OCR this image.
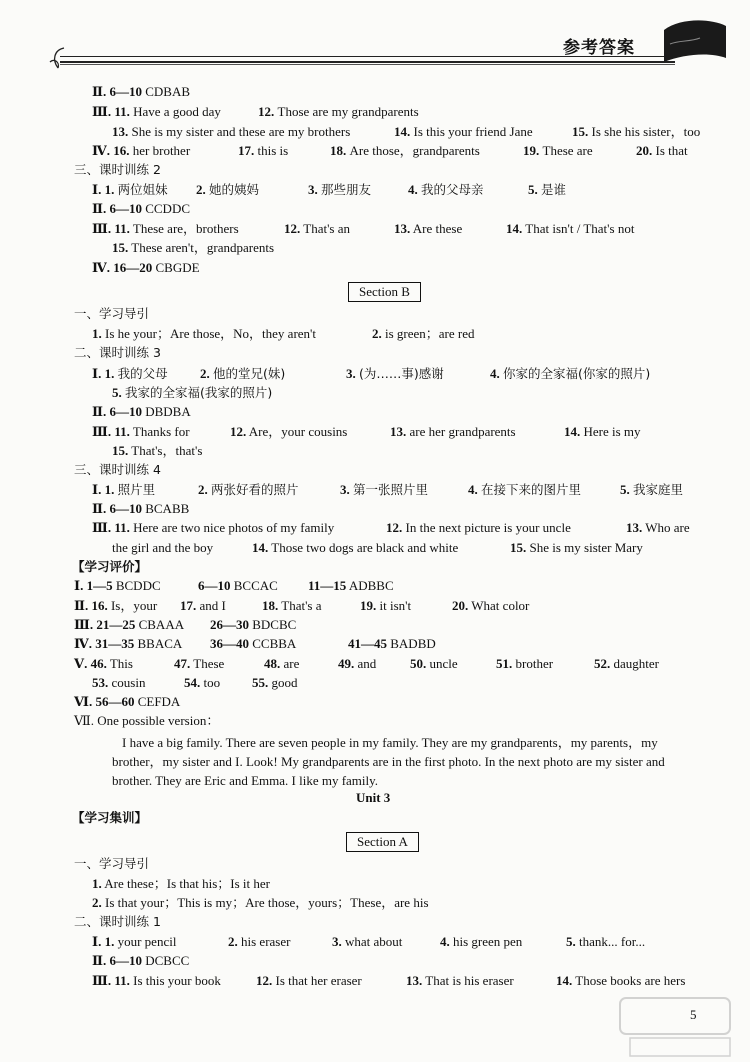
参考答案
Ⅱ. 6—10 CDBAB
Ⅲ. 11. Have a good day	12. Those are my grandparents
13. She is my sister and these are my brothers	14. Is this your friend Jane	15. Is she his sister，too
Ⅳ. 16. her brother	17. this is	18. Are those，grandparents	19. These are	20. Is that
三、课时训练 2
Ⅰ. 1. 两位姐妹 2. 她的姨妈	3. 那些朋友	4. 我的父母亲	5. 是谁
Ⅱ. 6—10 CCDDC
Ⅲ. 11. These are，brothers	12. That's an	13. Are these	14. That isn't / That's not
15. These aren't，grandparents
Ⅳ. 16—20 CBGDE
Section B
一、学习导引
1. Is he your；Are those，No，they aren't	2. is green；are red
二、课时训练 3
Ⅰ. 1. 我的父母 2. 他的堂兄(妹)	3. (为……事)感谢	4. 你家的全家福(你家的照片)
5. 我家的全家福(我家的照片)
Ⅱ. 6—10 DBDBA
Ⅲ. 11. Thanks for	12. Are，your cousins	13. are her grandparents	14. Here is my
15. That's，that's
三、课时训练 4
Ⅰ. 1. 照片里	2. 两张好看的照片	3. 第一张照片里	4. 在接下来的图片里	5. 我家庭里
Ⅱ. 6—10 BCABB
Ⅲ. 11. Here are two nice photos of my family	12. In the next picture is your uncle	13. Who are
the girl and the boy	14. Those two dogs are black and white	15. She is my sister Mary
【学习评价】
Ⅰ. 1—5 BCDDC	6—10 BCCAC 11—15 ADBBC
Ⅱ. 16. Is，your 17. and I	18. That's a	19. it isn't	20. What color
Ⅲ. 21—25 CBAAA 26—30 BDCBC
Ⅳ. 31—35 BBACA 36—40 CCBBA	41—45 BADBD
Ⅴ. 46. This	47. These	48. are	49. and	50. uncle	51. brother	52. daughter
53. cousin	54. too 55. good
Ⅵ. 56—60 CEFDA
Ⅶ. One possible version：
I have a big family. There are seven people in my family. They are my grandparents，my parents，my brother，my sister and I. Look! My grandparents are in the first photo. In the next photo are my sister and brother. They are Eric and Emma. I like my family.
Unit 3
【学习集训】
Section A
一、学习导引
1. Are these；Is that his；Is it her
2. Is that your；This is my；Are those，yours；These，are his
二、课时训练 1
Ⅰ. 1. your pencil	2. his eraser	3. what about	4. his green pen	5. thank... for...
Ⅱ. 6—10 DCBCC
Ⅲ. 11. Is this your book	12. Is that her eraser	13. That is his eraser	14. Those books are hers
5
